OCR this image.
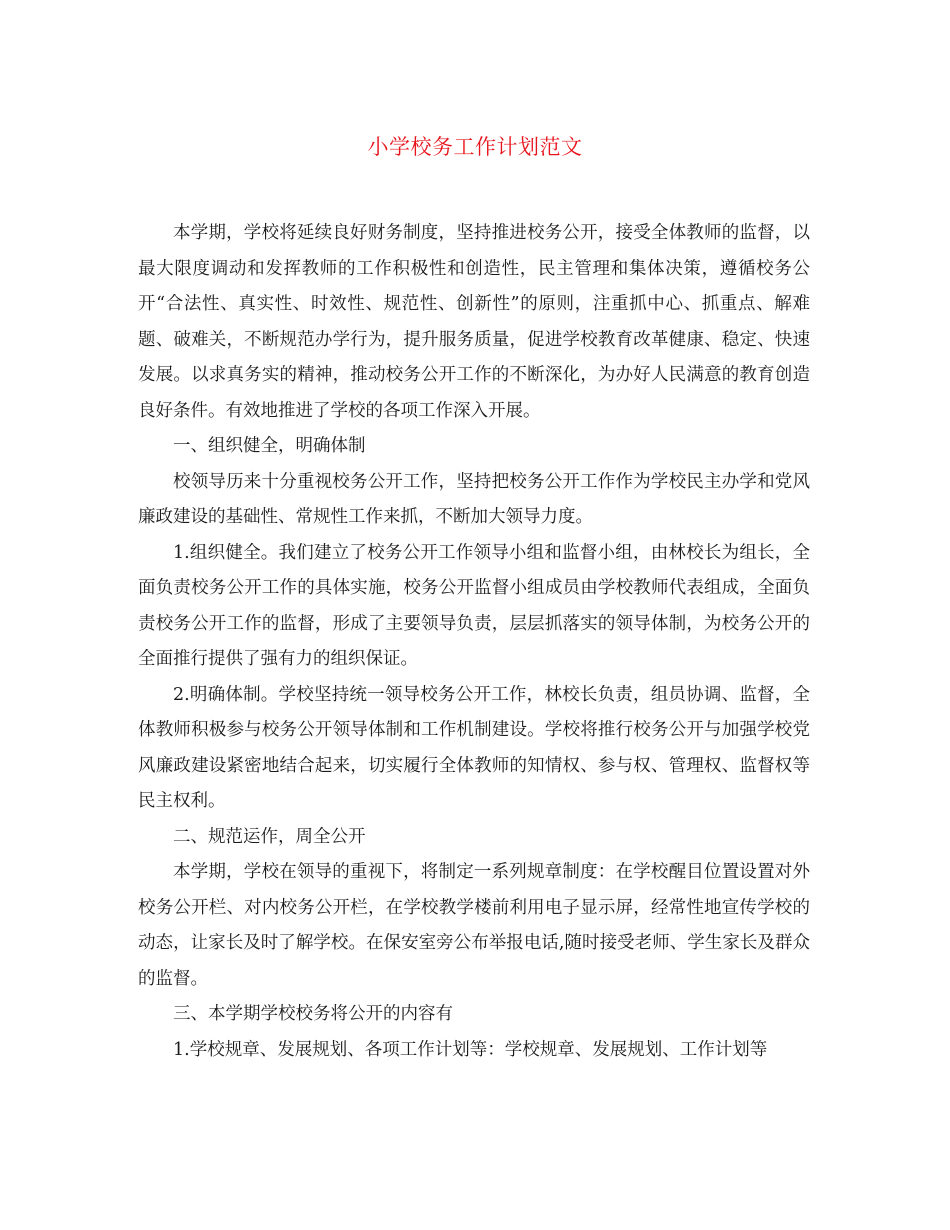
小学校务工作计划范文

本学期，学校将延续良好财务制度，坚持推进校务公开，接受全体教师的监督，以最大限度调动和发挥教师的工作积极性和创造性，民主管理和集体决策，遵循校务公开“合法性、真实性、时效性、规范性、创新性”的原则，注重抓中心、抓重点、解难题、破难关，不断规范办学行为，提升服务质量，促进学校教育改革健康、稳定、快速发展。以求真务实的精神，推动校务公开工作的不断深化，为办好人民满意的教育创造良好条件。有效地推进了学校的各项工作深入开展。

一、组织健全，明确体制

校领导历来十分重视校务公开工作，坚持把校务公开工作作为学校民主办学和党风廉政建设的基础性、常规性工作来抓，不断加大领导力度。

1.组织健全。我们建立了校务公开工作领导小组和监督小组，由林校长为组长，全面负责校务公开工作的具体实施，校务公开监督小组成员由学校教师代表组成，全面负责校务公开工作的监督，形成了主要领导负责，层层抓落实的领导体制，为校务公开的全面推行提供了强有力的组织保证。

2.明确体制。学校坚持统一领导校务公开工作，林校长负责，组员协调、监督，全体教师积极参与校务公开领导体制和工作机制建设。学校将推行校务公开与加强学校党风廉政建设紧密地结合起来，切实履行全体教师的知情权、参与权、管理权、监督权等民主权利。

二、规范运作，周全公开

本学期，学校在领导的重视下，将制定一系列规章制度：在学校醒目位置设置对外校务公开栏、对内校务公开栏，在学校教学楼前利用电子显示屏，经常性地宣传学校的动态，让家长及时了解学校。在保安室旁公布举报电话,随时接受老师、学生家长及群众的监督。

三、本学期学校校务将公开的内容有

1.学校规章、发展规划、各项工作计划等：学校规章、发展规划、工作计划等
